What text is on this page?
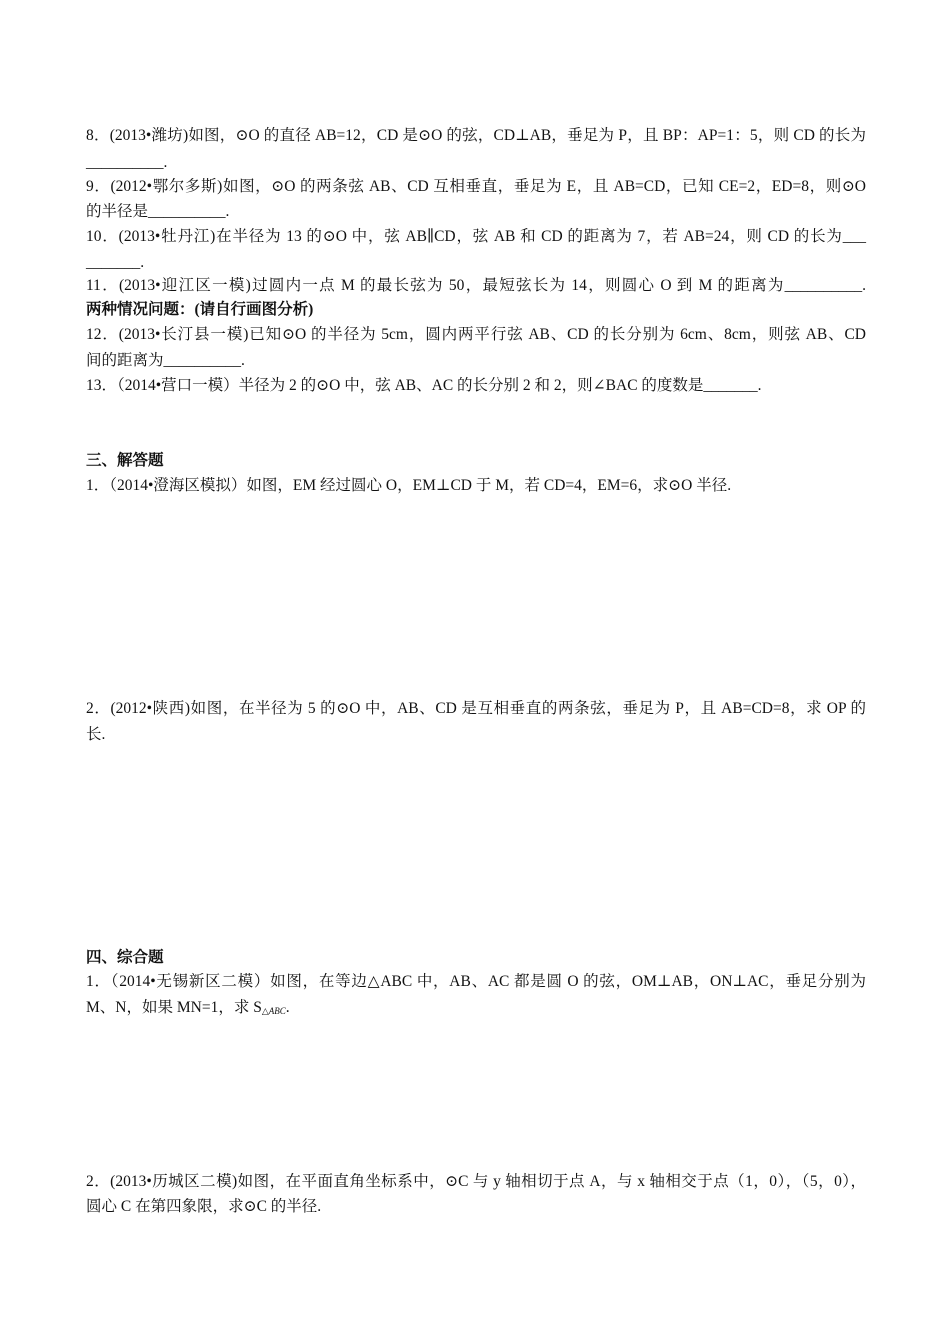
8．(2013•潍坊)如图，⊙O 的直径 AB=12，CD 是⊙O 的弦，CD⊥AB，垂足为 P，且 BP：AP=1：5，则 CD 的长为
__________.
9．(2012•鄂尔多斯)如图，⊙O 的两条弦 AB、CD 互相垂直，垂足为 E，且 AB=CD，已知 CE=2，ED=8，则⊙O
的半径是__________.
10．(2013•牡丹江)在半径为 13 的⊙O 中，弦 AB∥CD，弦 AB 和 CD 的距离为 7，若 AB=24，则 CD 的长为___
_______.
11．(2013•迎江区一模)过圆内一点 M 的最长弦为 50，最短弦长为 14，则圆心 O 到 M 的距离为__________.
两种情况问题：(请自行画图分析)
12．(2013•长汀县一模)已知⊙O 的半径为 5cm，圆内两平行弦 AB、CD 的长分别为 6cm、8cm，则弦 AB、CD
间的距离为__________.
13．（2014•营口一模）半径为 2 的⊙O 中，弦 AB、AC 的长分别 2 和 2，则∠BAC 的度数是_______.
三、解答题
1．（2014•澄海区模拟）如图，EM 经过圆心 O，EM⊥CD 于 M，若 CD=4，EM=6，求⊙O 半径.
2．(2012•陕西)如图，在半径为 5 的⊙O 中，AB、CD 是互相垂直的两条弦，垂足为 P，且 AB=CD=8，求 OP 的
长.
四、综合题
1．（2014•无锡新区二模）如图，在等边△ABC 中，AB、AC 都是圆 O 的弦，OM⊥AB，ON⊥AC，垂足分别为
M、N，如果 MN=1，求 $S_{\triangle ABC}$.
2．(2013•历城区二模)如图，在平面直角坐标系中，⊙C 与 y 轴相切于点 A，与 x 轴相交于点（1，0），（5，0），
圆心 C 在第四象限，求⊙C 的半径.
